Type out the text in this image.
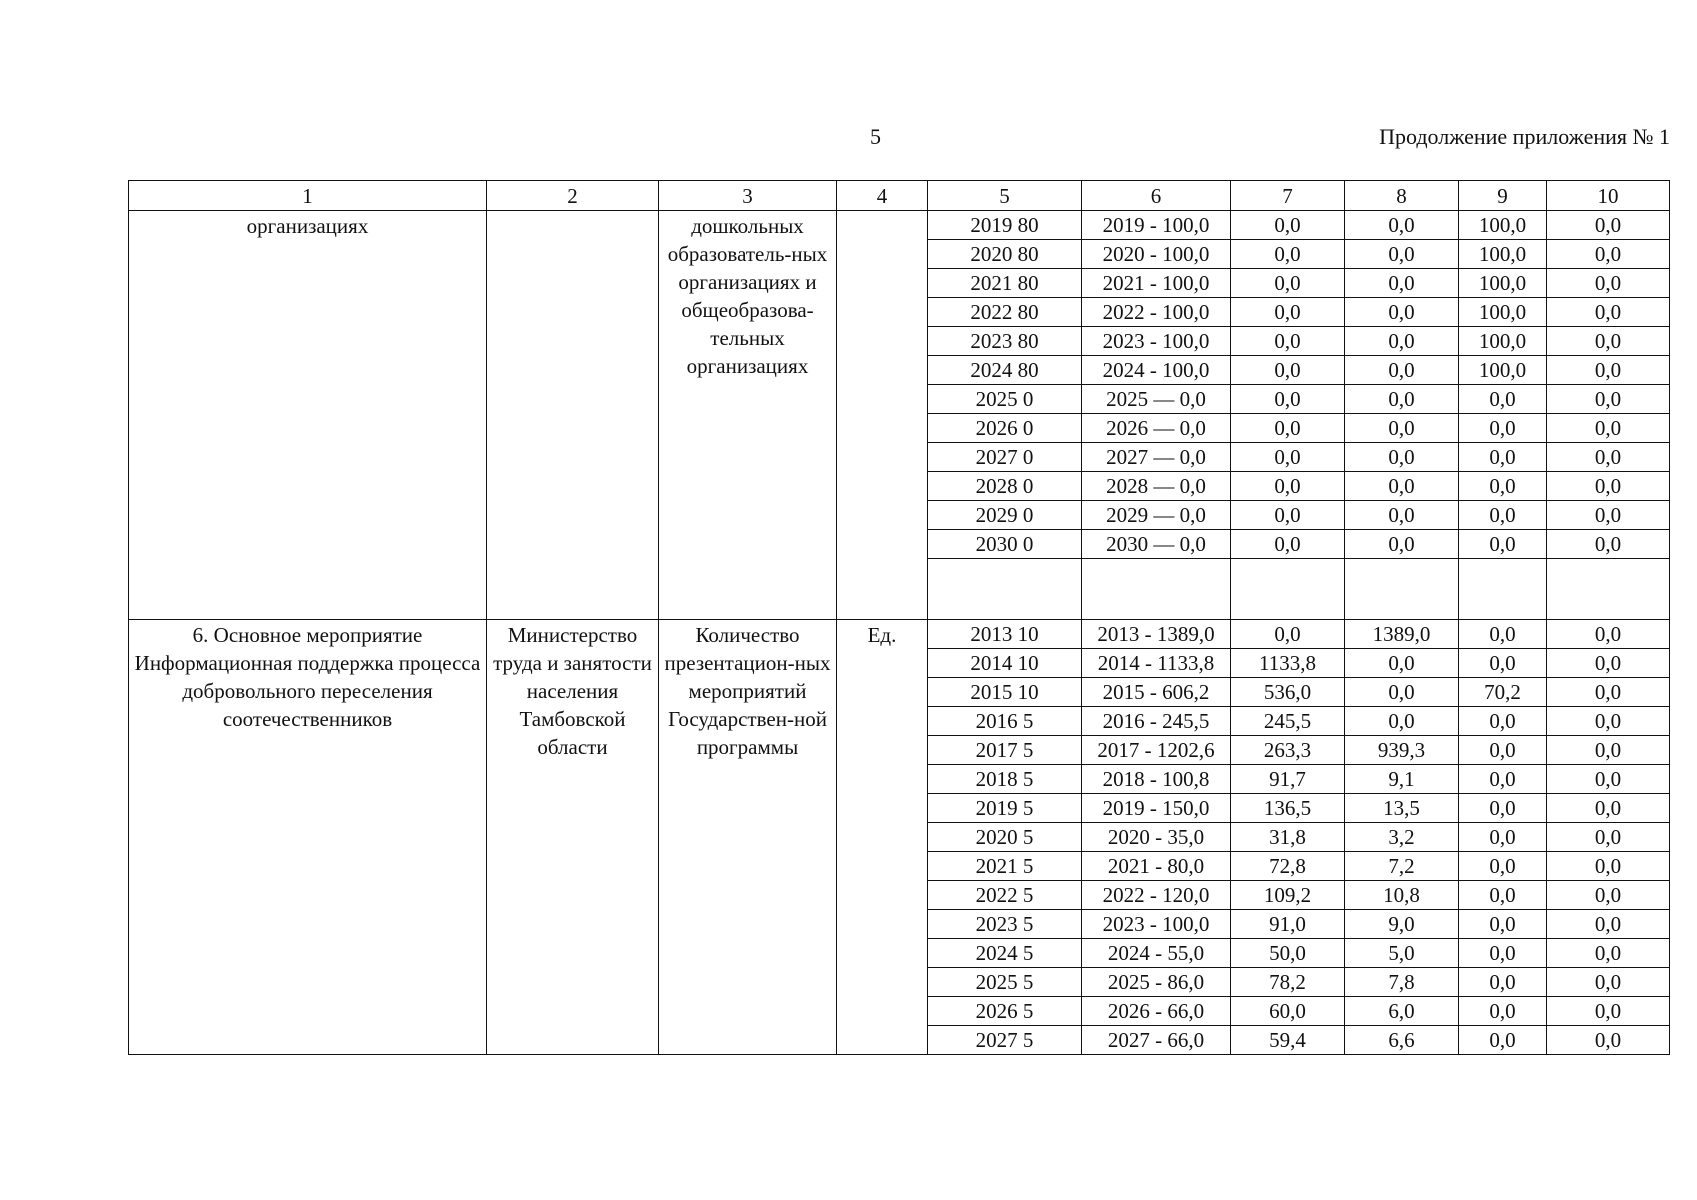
5	Продолжение приложения № 1
1	2	3	4	5	6	7	8	9	10
организациях		дошкольных образователь-ных организациях и общеобразова-тельных организациях		2019 80	2019 - 100,0	0,0	0,0	100,0	0,0
				2020 80	2020 - 100,0	0,0	0,0	100,0	0,0
				2021 80	2021 - 100,0	0,0	0,0	100,0	0,0
				2022 80	2022 - 100,0	0,0	0,0	100,0	0,0
				2023 80	2023 - 100,0	0,0	0,0	100,0	0,0
				2024 80	2024 - 100,0	0,0	0,0	100,0	0,0
				2025 0	2025 — 0,0	0,0	0,0	0,0	0,0
				2026 0	2026 — 0,0	0,0	0,0	0,0	0,0
				2027 0	2027 — 0,0	0,0	0,0	0,0	0,0
				2028 0	2028 — 0,0	0,0	0,0	0,0	0,0
				2029 0	2029 — 0,0	0,0	0,0	0,0	0,0
				2030 0	2030 — 0,0	0,0	0,0	0,0	0,0

6. Основное мероприятие Информационная поддержка процесса добровольного переселения соотечественников	Министерство труда и занятости населения Тамбовской области	Количество презентацион-ных мероприятий Государствен-ной программы	Ед.	2013 10	2013 - 1389,0	0,0	1389,0	0,0	0,0
				2014 10	2014 - 1133,8	1133,8	0,0	0,0	0,0
				2015 10	2015 - 606,2	536,0	0,0	70,2	0,0
				2016 5	2016 - 245,5	245,5	0,0	0,0	0,0
				2017 5	2017 - 1202,6	263,3	939,3	0,0	0,0
				2018 5	2018 - 100,8	91,7	9,1	0,0	0,0
				2019 5	2019 - 150,0	136,5	13,5	0,0	0,0
				2020 5	2020 - 35,0	31,8	3,2	0,0	0,0
				2021 5	2021 - 80,0	72,8	7,2	0,0	0,0
				2022 5	2022 - 120,0	109,2	10,8	0,0	0,0
				2023 5	2023 - 100,0	91,0	9,0	0,0	0,0
				2024 5	2024 - 55,0	50,0	5,0	0,0	0,0
				2025 5	2025 - 86,0	78,2	7,8	0,0	0,0
				2026 5	2026 - 66,0	60,0	6,0	0,0	0,0
				2027 5	2027 - 66,0	59,4	6,6	0,0	0,0
